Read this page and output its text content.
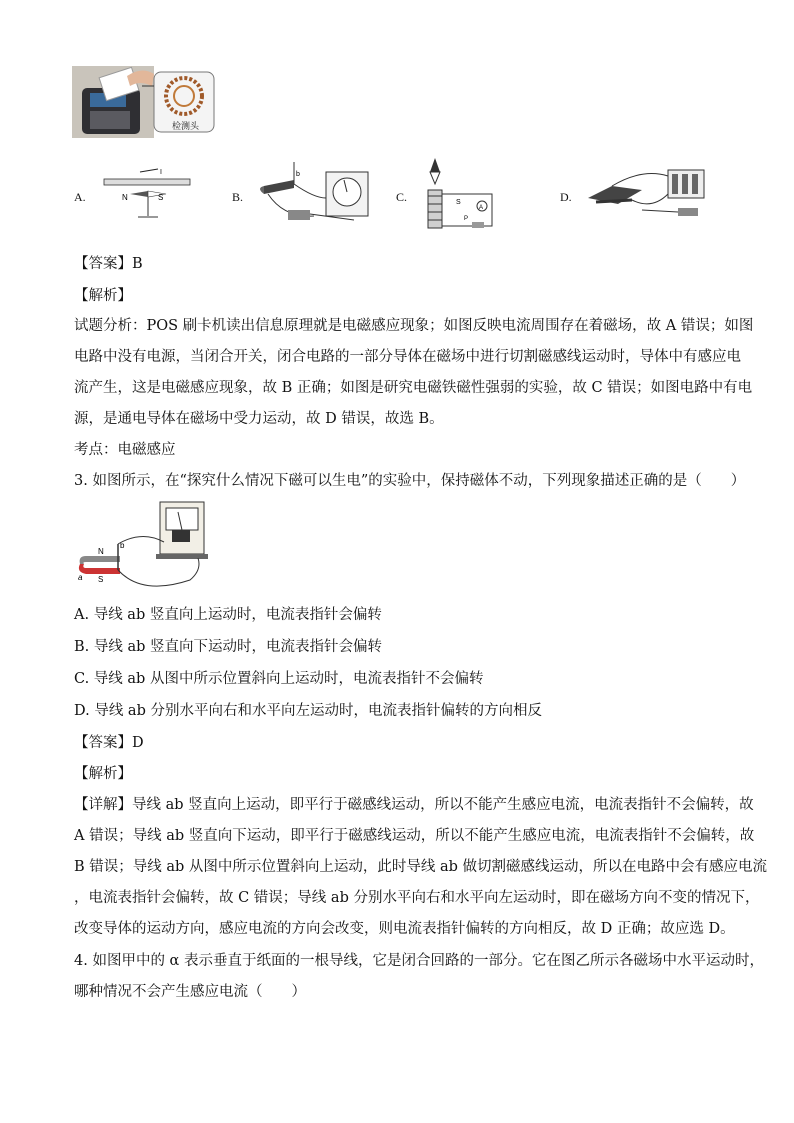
检测头
A.
I
N	S	B.
b
C.	S
A
P
D.
【答案】B
【解析】
试题分析：POS 刷卡机读出信息原理就是电磁感应现象；如图反映电流周围存在着磁场，故 A 错误；如图
电路中没有电源，当闭合开关，闭合电路的一部分导体在磁场中进行切割磁感线运动时，导体中有感应电
流产生，这是电磁感应现象，故 B 正确；如图是研究电磁铁磁性强弱的实验，故 C 错误；如图电路中有电
源，是通电导体在磁场中受力运动，故 D 错误，故选 B。
考点：电磁感应
3. 如图所示，在“探究什么情况下磁可以生电”的实验中，保持磁体不动，下列现象描述正确的是（　　）
N
S
b
a
A. 导线 ab 竖直向上运动时，电流表指针会偏转
B. 导线 ab 竖直向下运动时，电流表指针会偏转
C. 导线 ab 从图中所示位置斜向上运动时，电流表指针不会偏转
D. 导线 ab 分别水平向右和水平向左运动时，电流表指针偏转的方向相反
【答案】D
【解析】
【详解】导线 ab 竖直向上运动，即平行于磁感线运动，所以不能产生感应电流，电流表指针不会偏转，故
A 错误；导线 ab 竖直向下运动，即平行于磁感线运动，所以不能产生感应电流，电流表指针不会偏转，故
B 错误；导线 ab 从图中所示位置斜向上运动，此时导线 ab 做切割磁感线运动，所以在电路中会有感应电流
，电流表指针会偏转，故 C 错误；导线 ab 分别水平向右和水平向左运动时，即在磁场方向不变的情况下，
改变导体的运动方向，感应电流的方向会改变，则电流表指针偏转的方向相反，故 D 正确；故应选 D。
4. 如图甲中的 α 表示垂直于纸面的一根导线，它是闭合回路的一部分。它在图乙所示各磁场中水平运动时，
哪种情况不会产生感应电流（　　）
